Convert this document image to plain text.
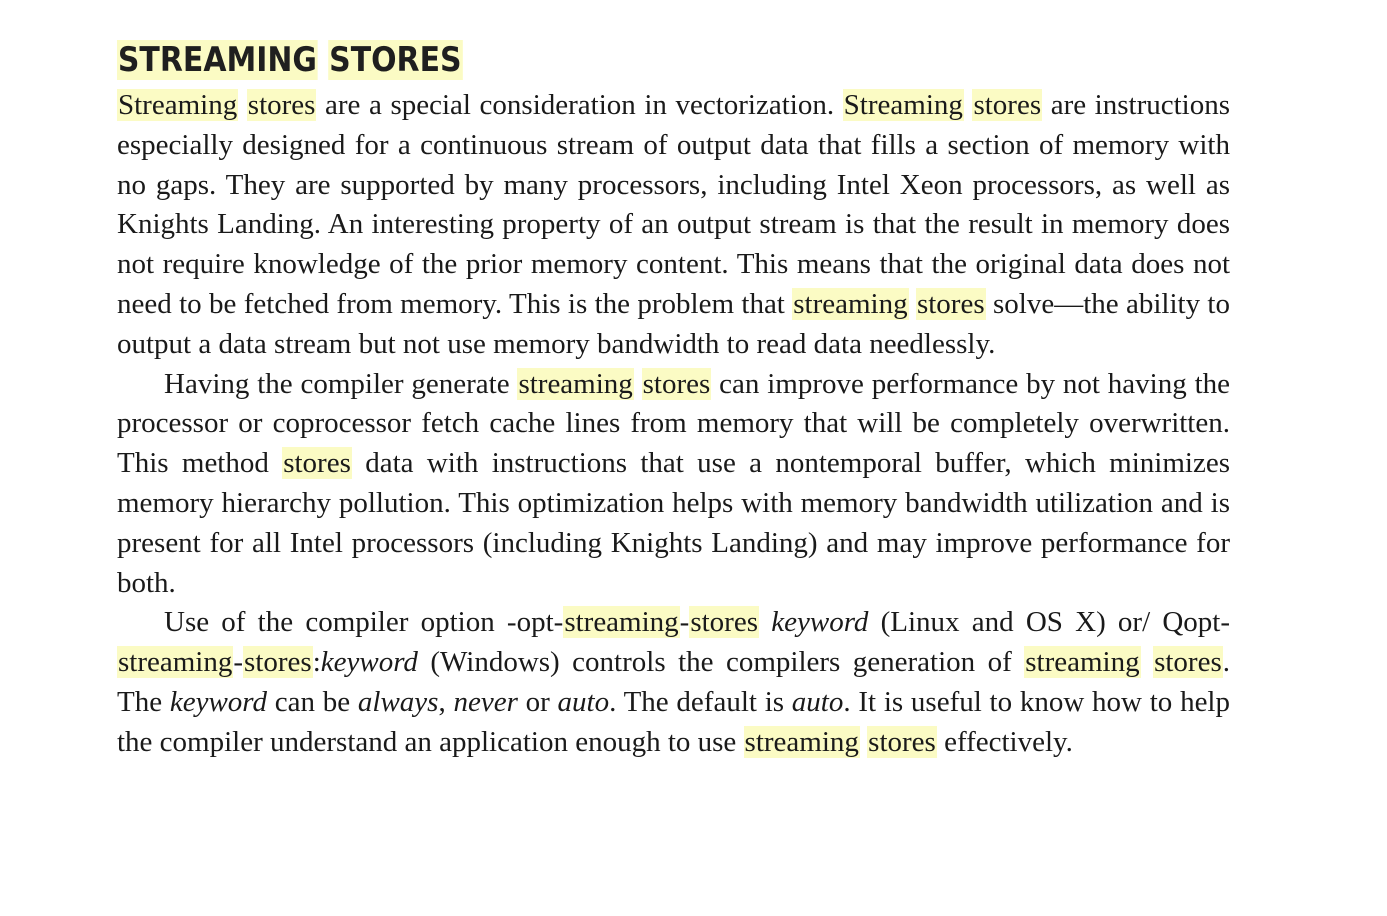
STREAMING STORES

Streaming stores are a special consideration in vectorization. Streaming stores are instructions especially designed for a continuous stream of output data that fills a section of memory with no gaps. They are supported by many processors, including Intel Xeon processors, as well as Knights Landing. An interesting property of an output stream is that the result in memory does not require knowledge of the prior memory content. This means that the original data does not need to be fetched from memory. This is the problem that streaming stores solve—the ability to output a data stream but not use memory bandwidth to read data needlessly.

Having the compiler generate streaming stores can improve performance by not having the processor or coprocessor fetch cache lines from memory that will be completely overwritten. This method stores data with instructions that use a nontemporal buffer, which minimizes memory hierarchy pollution. This optimization helps with memory bandwidth utilization and is present for all Intel processors (including Knights Landing) and may improve performance for both.

Use of the compiler option -opt-streaming-stores keyword (Linux and OS X) or/ Qopt-streaming-stores:keyword (Windows) controls the compilers generation of streaming stores. The keyword can be always, never or auto. The default is auto. It is useful to know how to help the compiler understand an application enough to use streaming stores effectively.
